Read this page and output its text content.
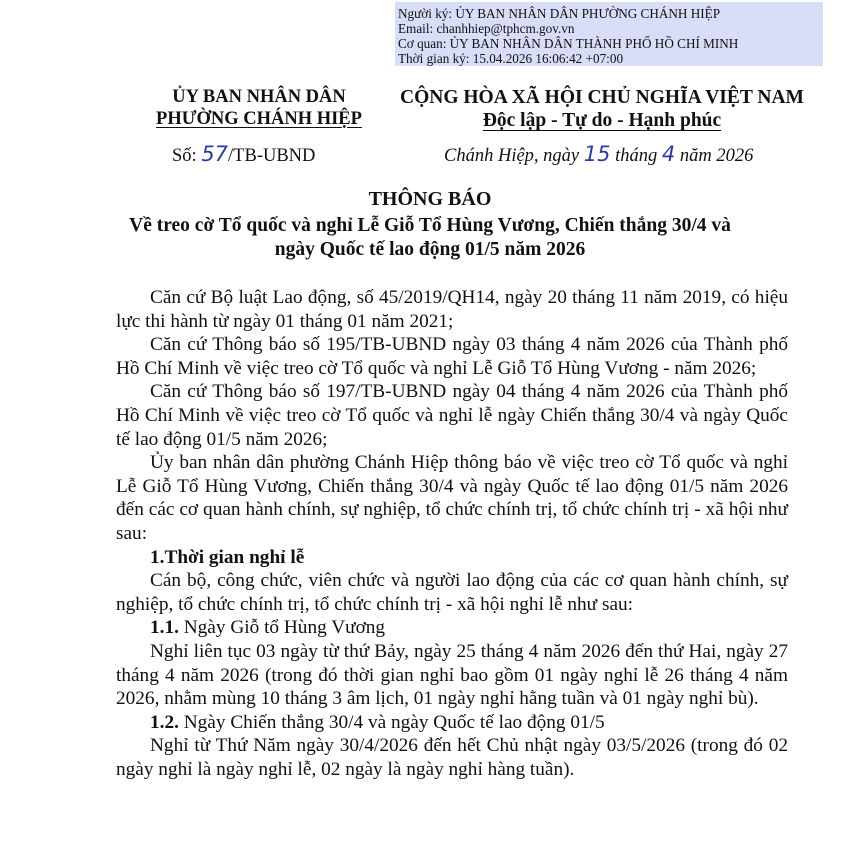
Người ký: ỦY BAN NHÂN DÂN PHƯỜNG CHÁNH HIỆP
Email: chanhhiep@tphcm.gov.vn
Cơ quan: ỦY BAN NHÂN DÂN THÀNH PHỐ HỒ CHÍ MINH
Thời gian ký: 15.04.2026 16:06:42 +07:00
ỦY BAN NHÂN DÂN
PHƯỜNG CHÁNH HIỆP
CỘNG HÒA XÃ HỘI CHỦ NGHĨA VIỆT NAM
Độc lập - Tự do - Hạnh phúc
Số: 57/TB-UBND	Chánh Hiệp, ngày 15 tháng 4 năm 2026
THÔNG BÁO
Về treo cờ Tổ quốc và nghỉ Lễ Giỗ Tổ Hùng Vương, Chiến thắng 30/4 và
ngày Quốc tế lao động 01/5 năm 2026

Căn cứ Bộ luật Lao động, số 45/2019/QH14, ngày 20 tháng 11 năm 2019, có hiệu lực thi hành từ ngày 01 tháng 01 năm 2021;

Căn cứ Thông báo số 195/TB-UBND ngày 03 tháng 4 năm 2026 của Thành phố Hồ Chí Minh về việc treo cờ Tổ quốc và nghỉ Lễ Giỗ Tổ Hùng Vương - năm 2026;

Căn cứ Thông báo số 197/TB-UBND ngày 04 tháng 4 năm 2026 của Thành phố Hồ Chí Minh về việc treo cờ Tổ quốc và nghỉ lễ ngày Chiến thắng 30/4 và ngày Quốc tế lao động 01/5 năm 2026;

Ủy ban nhân dân phường Chánh Hiệp thông báo về việc treo cờ Tổ quốc và nghỉ Lễ Giỗ Tổ Hùng Vương, Chiến thắng 30/4 và ngày Quốc tế lao động 01/5 năm 2026 đến các cơ quan hành chính, sự nghiệp, tổ chức chính trị, tổ chức chính trị - xã hội như sau:

1.Thời gian nghỉ lễ

Cán bộ, công chức, viên chức và người lao động của các cơ quan hành chính, sự nghiệp, tổ chức chính trị, tổ chức chính trị - xã hội nghỉ lễ như sau:

1.1. Ngày Giỗ tổ Hùng Vương

Nghỉ liên tục 03 ngày từ thứ Bảy, ngày 25 tháng 4 năm 2026 đến thứ Hai, ngày 27 tháng 4 năm 2026 (trong đó thời gian nghỉ bao gồm 01 ngày nghỉ lễ 26 tháng 4 năm 2026, nhằm mùng 10 tháng 3 âm lịch, 01 ngày nghỉ hằng tuần và 01 ngày nghỉ bù).

1.2. Ngày Chiến thắng 30/4 và ngày Quốc tế lao động 01/5

Nghỉ từ Thứ Năm ngày 30/4/2026 đến hết Chủ nhật ngày 03/5/2026 (trong đó 02 ngày nghỉ là ngày nghỉ lễ, 02 ngày là ngày nghỉ hàng tuần).
